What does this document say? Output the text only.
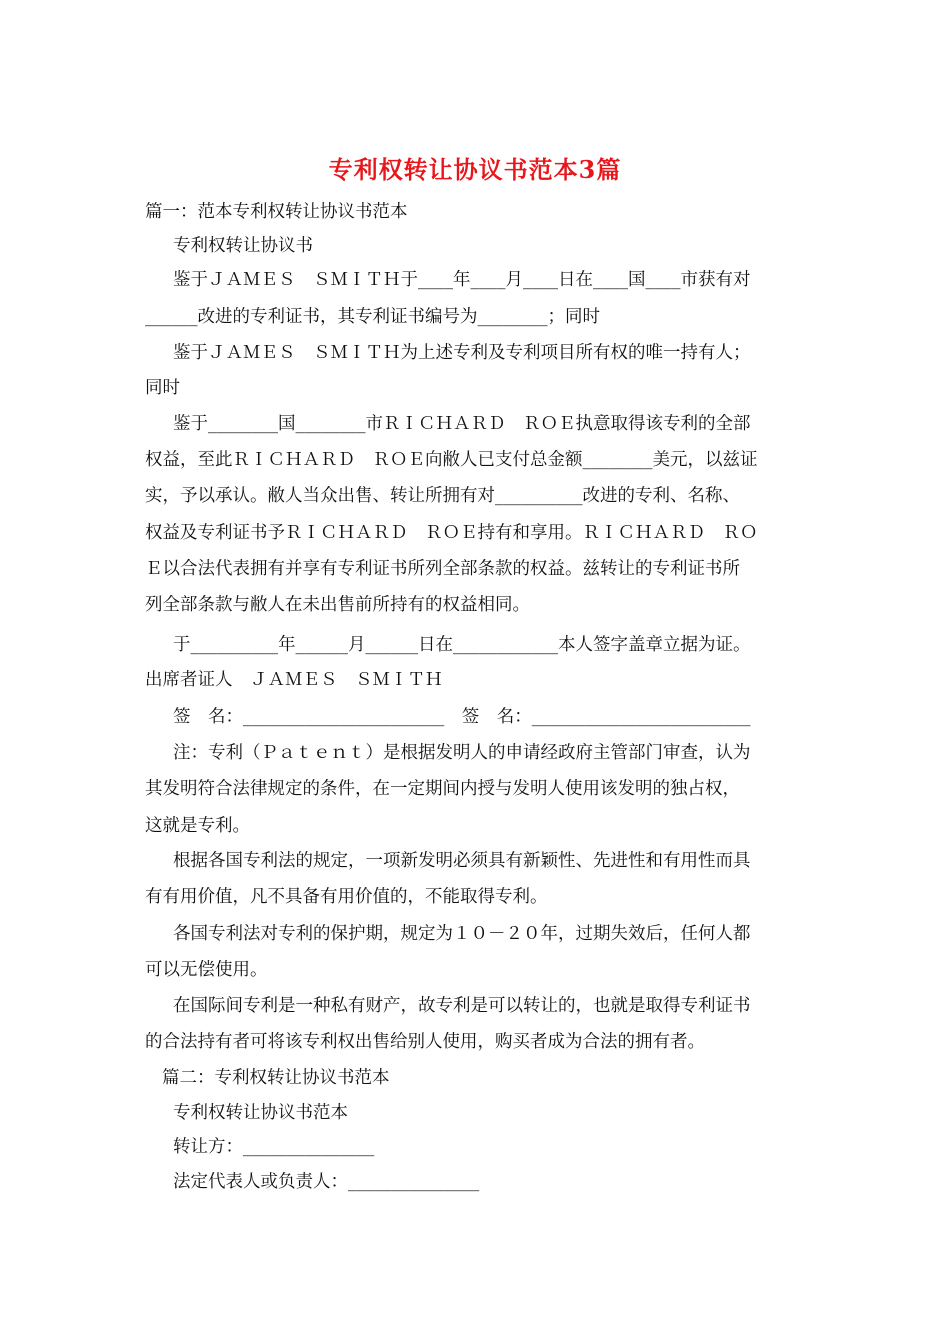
专利权转让协议书范本3篇
篇一：范本专利权转让协议书范本
专利权转让协议书
鉴于ＪＡＭＥＳ　ＳＭＩＴＨ于____年____月____日在____国____市获有对
______改进的专利证书，其专利证书编号为________；同时
鉴于ＪＡＭＥＳ　ＳＭＩＴＨ为上述专利及专利项目所有权的唯一持有人；
同时
鉴于________国________市ＲＩＣＨＡＲＤ　ＲＯＥ执意取得该专利的全部
权益，至此ＲＩＣＨＡＲＤ　ＲＯＥ向敝人已支付总金额________美元，以兹证
实，予以承认。敝人当众出售、转让所拥有对__________改进的专利、名称、
权益及专利证书予ＲＩＣＨＡＲＤ　ＲＯＥ持有和享用。ＲＩＣＨＡＲＤ　ＲＯ
Ｅ以合法代表拥有并享有专利证书所列全部条款的权益。兹转让的专利证书所
列全部条款与敝人在未出售前所持有的权益相同。
于__________年______月______日在____________本人签字盖章立据为证。
出席者证人　ＪＡＭＥＳ　ＳＭＩＴＨ
签　名：_______________________　签　名：_________________________
注：专利（Ｐａｔｅｎｔ）是根据发明人的申请经政府主管部门审查，认为
其发明符合法律规定的条件，在一定期间内授与发明人使用该发明的独占权，
这就是专利。
根据各国专利法的规定，一项新发明必须具有新颖性、先进性和有用性而具
有有用价值，凡不具备有用价值的，不能取得专利。
各国专利法对专利的保护期，规定为１０－２０年，过期失效后，任何人都
可以无偿使用。
在国际间专利是一种私有财产，故专利是可以转让的，也就是取得专利证书
的合法持有者可将该专利权出售给别人使用，购买者成为合法的拥有者。
篇二：专利权转让协议书范本
专利权转让协议书范本
转让方：_______________
法定代表人或负责人：_______________
